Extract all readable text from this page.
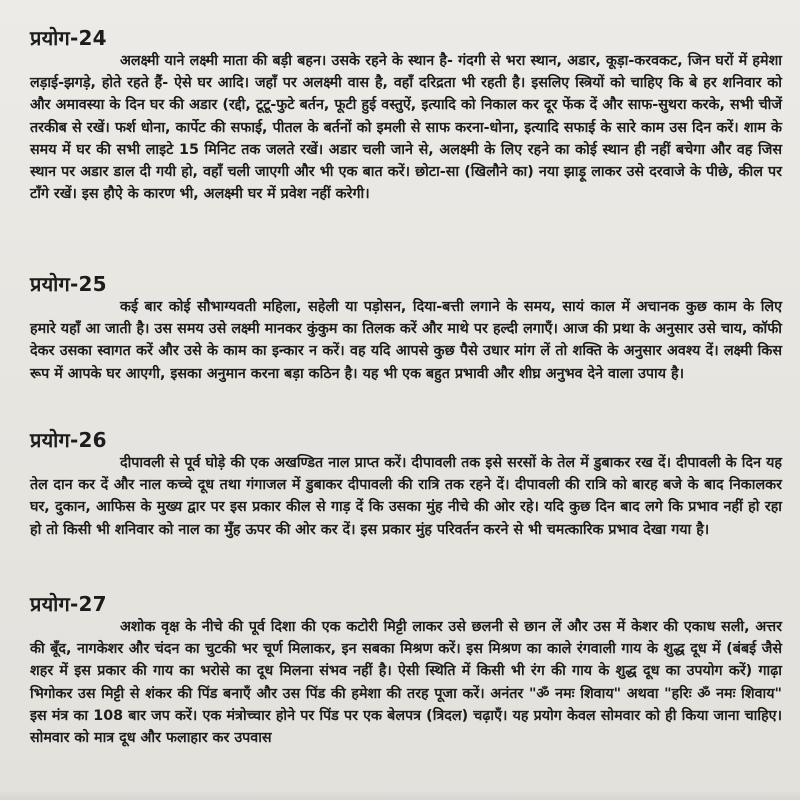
प्रयोग-24

अलक्ष्मी याने लक्ष्मी माता की बड़ी बहन। उसके रहने के स्थान है- गंदगी से भरा स्थान, अडार, कूड़ा-करवकट, जिन घरों में हमेशा लड़ाई-झगड़े, होते रहते हैं- ऐसे घर आदि। जहाँ पर अलक्ष्मी वास है, वहाँ दरिद्रता भी रहती है। इसलिए स्त्रियों को चाहिए कि बे हर शनिवार को और अमावस्या के दिन घर की अडार (रद्दी, टूटू-फुटे बर्तन, फूटी हुई वस्तुऐं, इत्यादि को निकाल कर दूर फेंक दें और साफ-सुथरा करके, सभी चीजें तरकीब से रखें। फर्श धोना, कार्पेट की सफाई, पीतल के बर्तनों को इमली से साफ करना-धोना, इत्यादि सफाई के सारे काम उस दिन करें। शाम के समय में घर की सभी लाइटे 15 मिनिट तक जलते रखें। अडार चली जाने से, अलक्ष्मी के लिए रहने का कोई स्थान ही नहीं बचेगा और वह जिस स्थान पर अडार डाल दी गयी हो, वहाँ चली जाएगी और भी एक बात करें। छोटा-सा (खिलौने का) नया झाड़ू लाकर उसे दरवाजे के पीछे, कील पर टाँगे रखें। इस हौऐ के कारण भी, अलक्ष्मी घर में प्रवेश नहीं करेगी।

प्रयोग-25

कई बार कोई सौभाग्यवती महिला, सहेली या पड़ोसन, दिया-बत्ती लगाने के समय, सायं काल में अचानक कुछ काम के लिए हमारे यहाँ आ जाती है। उस समय उसे लक्ष्मी मानकर कुंकुम का तिलक करें और माथे पर हल्दी लगाएँ। आज की प्रथा के अनुसार उसे चाय, कॉफी देकर उसका स्वागत करें और उसे के काम का इन्कार न करें। वह यदि आपसे कुछ पैसे उधार मांग लें तो शक्ति के अनुसार अवश्य दें। लक्ष्मी किस रूप में आपके घर आएगी, इसका अनुमान करना बड़ा कठिन है। यह भी एक बहुत प्रभावी और शीघ्र अनुभव देने वाला उपाय है।

प्रयोग-26

दीपावली से पूर्व घोड़े की एक अखण्डित नाल प्राप्त करें। दीपावली तक इसे सरसों के तेल में डुबाकर रख दें। दीपावली के दिन यह तेल दान कर दें और नाल कच्चे दूध तथा गंगाजल में डुबाकर दीपावली की रात्रि तक रहने दें। दीपावली की रात्रि को बारह बजे के बाद निकालकर घर, दुकान, आफिस के मुख्य द्वार पर इस प्रकार कील से गाड़ दें कि उसका मुंह नीचे की ओर रहे। यदि कुछ दिन बाद लगे कि प्रभाव नहीं हो रहा हो तो किसी भी शनिवार को नाल का मुँह ऊपर की ओर कर दें। इस प्रकार मुंह परिवर्तन करने से भी चमत्कारिक प्रभाव देखा गया है।

प्रयोग-27

अशोक वृक्ष के नीचे की पूर्व दिशा की एक कटोरी मिट्टी लाकर उसे छलनी से छान लें और उस में केशर की एकाध सली, अत्तर की बूँद, नागकेशर और चंदन का चुटकी भर चूर्ण मिलाकर, इन सबका मिश्रण करें। इस मिश्रण का काले रंगवाली गाय के शुद्ध दूध में (बंबई जैसे शहर में इस प्रकार की गाय का भरोसे का दूध मिलना संभव नहीं है। ऐसी स्थिति में किसी भी रंग की गाय के शुद्ध दूध का उपयोग करें) गाढ़ा भिगोकर उस मिट्टी से शंकर की पिंड बनाएँ और उस पिंड की हमेशा की तरह पूजा करें। अनंतर "ॐ नमः शिवाय" अथवा "हरिः ॐ नमः शिवाय" इस मंत्र का 108 बार जप करें। एक मंत्रोच्चार होने पर पिंड पर एक बेलपत्र (त्रिदल) चढ़ाएँ। यह प्रयोग केवल सोमवार को ही किया जाना चाहिए। सोमवार को मात्र दूध और फलाहार कर उपवास
